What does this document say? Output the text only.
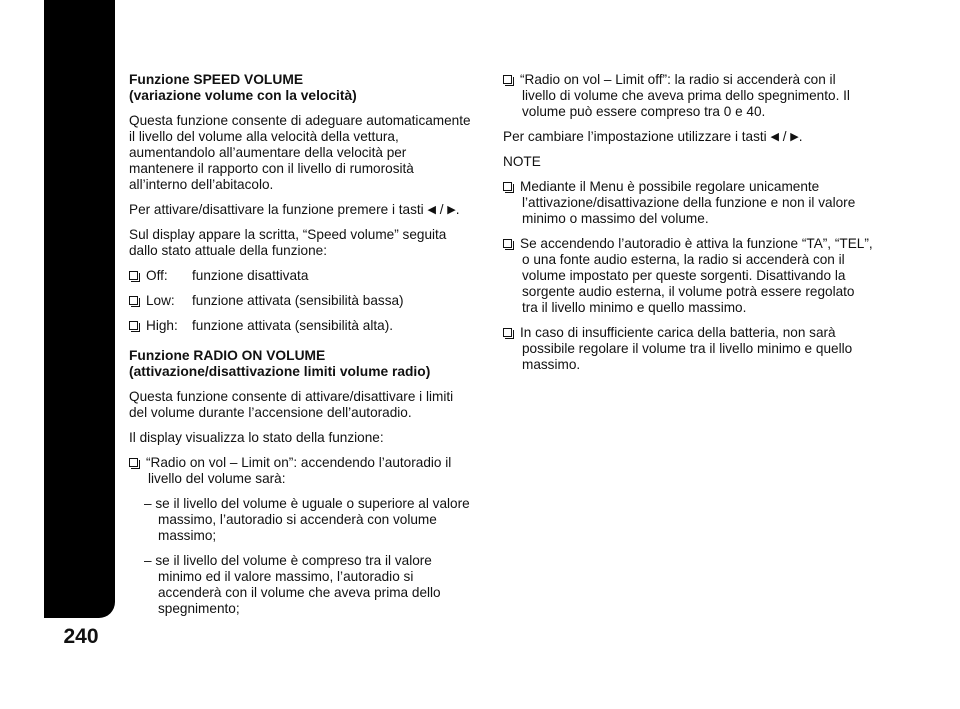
AUTORADIO
240
Funzione SPEED VOLUME
(variazione volume con la velocità)

Questa funzione consente di adeguare automaticamente il livello del volume alla velocità della vettura, aumentandolo all’aumentare della velocità per mantenere il rapporto con il livello di rumorosità all’interno dell’abitacolo.

Per attivare/disattivare la funzione premere i tasti ◀ / ▶.

Sul display appare la scritta, “Speed volume” seguita dallo stato attuale della funzione:

Off: funzione disattivata
Low: funzione attivata (sensibilità bassa)
High: funzione attivata (sensibilità alta).
Funzione RADIO ON VOLUME
(attivazione/disattivazione limiti volume radio)

Questa funzione consente di attivare/disattivare i limiti del volume durante l’accensione dell’autoradio.

Il display visualizza lo stato della funzione:

“Radio on vol – Limit on”: accendendo l’autoradio il livello del volume sarà:
– se il livello del volume è uguale o superiore al valore massimo, l’autoradio si accenderà con volume massimo;
– se il livello del volume è compreso tra il valore minimo ed il valore massimo, l’autoradio si accenderà con il volume che aveva prima dello spegnimento;
“Radio on vol – Limit off”: la radio si accenderà con il livello di volume che aveva prima dello spegnimento. Il volume può essere compreso tra 0 e 40.

Per cambiare l’impostazione utilizzare i tasti ◀ / ▶.

NOTE

Mediante il Menu è possibile regolare unicamente l’attivazione/disattivazione della funzione e non il valore minimo o massimo del volume.
Se accendendo l’autoradio è attiva la funzione “TA”, “TEL”, o una fonte audio esterna, la radio si accenderà con il volume impostato per queste sorgenti. Disattivando la sorgente audio esterna, il volume potrà essere regolato tra il livello minimo e quello massimo.
In caso di insufficiente carica della batteria, non sarà possibile regolare il volume tra il livello minimo e quello massimo.
